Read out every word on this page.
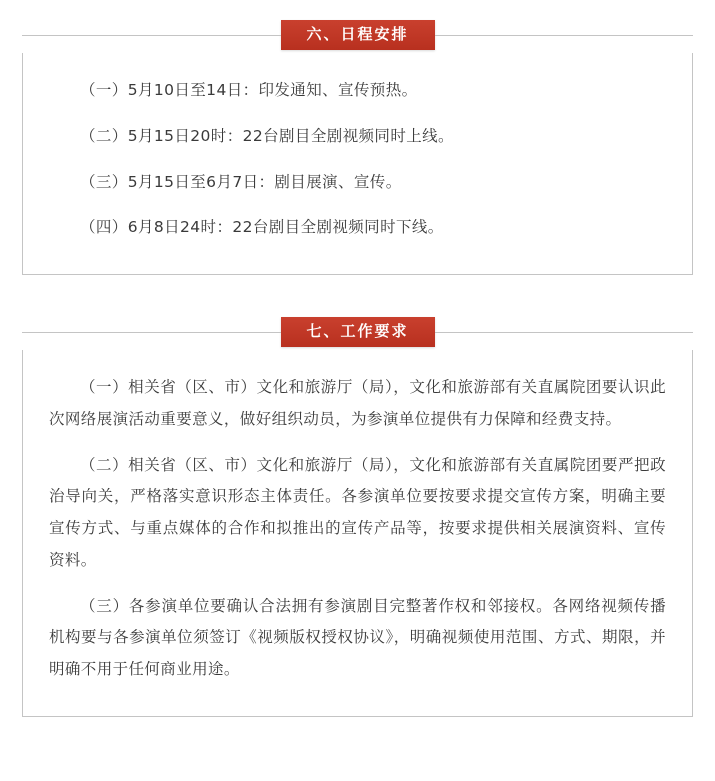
六、日程安排

（一）5月10日至14日：印发通知、宣传预热。

（二）5月15日20时：22台剧目全剧视频同时上线。

（三）5月15日至6月7日：剧目展演、宣传。

（四）6月8日24时：22台剧目全剧视频同时下线。

七、工作要求

（一）相关省（区、市）文化和旅游厅（局），文化和旅游部有关直属院团要认识此次网络展演活动重要意义，做好组织动员，为参演单位提供有力保障和经费支持。

（二）相关省（区、市）文化和旅游厅（局），文化和旅游部有关直属院团要严把政治导向关，严格落实意识形态主体责任。各参演单位要按要求提交宣传方案，明确主要宣传方式、与重点媒体的合作和拟推出的宣传产品等，按要求提供相关展演资料、宣传资料。

（三）各参演单位要确认合法拥有参演剧目完整著作权和邻接权。各网络视频传播机构要与各参演单位须签订《视频版权授权协议》，明确视频使用范围、方式、期限，并明确不用于任何商业用途。
